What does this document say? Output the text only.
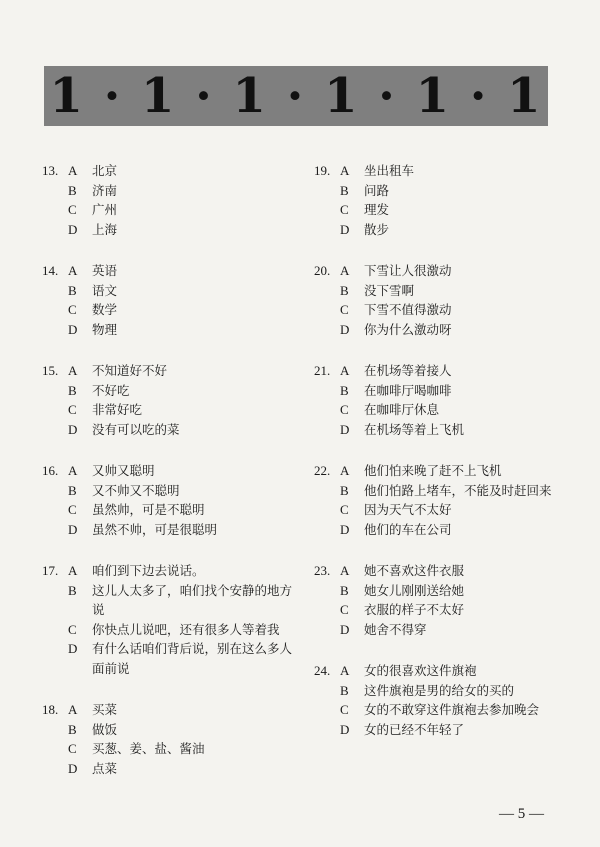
1 · 1 · 1 · 1 · 1 · 1
13. A	北京
B	济南
C	广州
D	上海
14. A	英语
B	语文
C	数学
D	物理
15. A	不知道好不好
B	不好吃
C	非常好吃
D	没有可以吃的菜
16. A	又帅又聪明
B	又不帅又不聪明
C	虽然帅，可是不聪明
D	虽然不帅，可是很聪明
17. A	咱们到下边去说话。
B	这儿人太多了，咱们找个安静的地方说
C	你快点儿说吧，还有很多人等着我
D	有什么话咱们背后说，别在这么多人面前说
18. A	买菜
B	做饭
C	买葱、姜、盐、酱油
D	点菜
19. A	坐出租车
B	问路
C	理发
D	散步
20. A	下雪让人很激动
B	没下雪啊
C	下雪不值得激动
D	你为什么激动呀
21. A	在机场等着接人
B	在咖啡厅喝咖啡
C	在咖啡厅休息
D	在机场等着上飞机
22. A	他们怕来晚了赶不上飞机
B	他们怕路上堵车，不能及时赶回来
C	因为天气不太好
D	他们的车在公司
23. A	她不喜欢这件衣服
B	她女儿刚刚送给她
C	衣服的样子不太好
D	她舍不得穿
24. A	女的很喜欢这件旗袍
B	这件旗袍是男的给女的买的
C	女的不敢穿这件旗袍去参加晚会
D	女的已经不年轻了
— 5 —
